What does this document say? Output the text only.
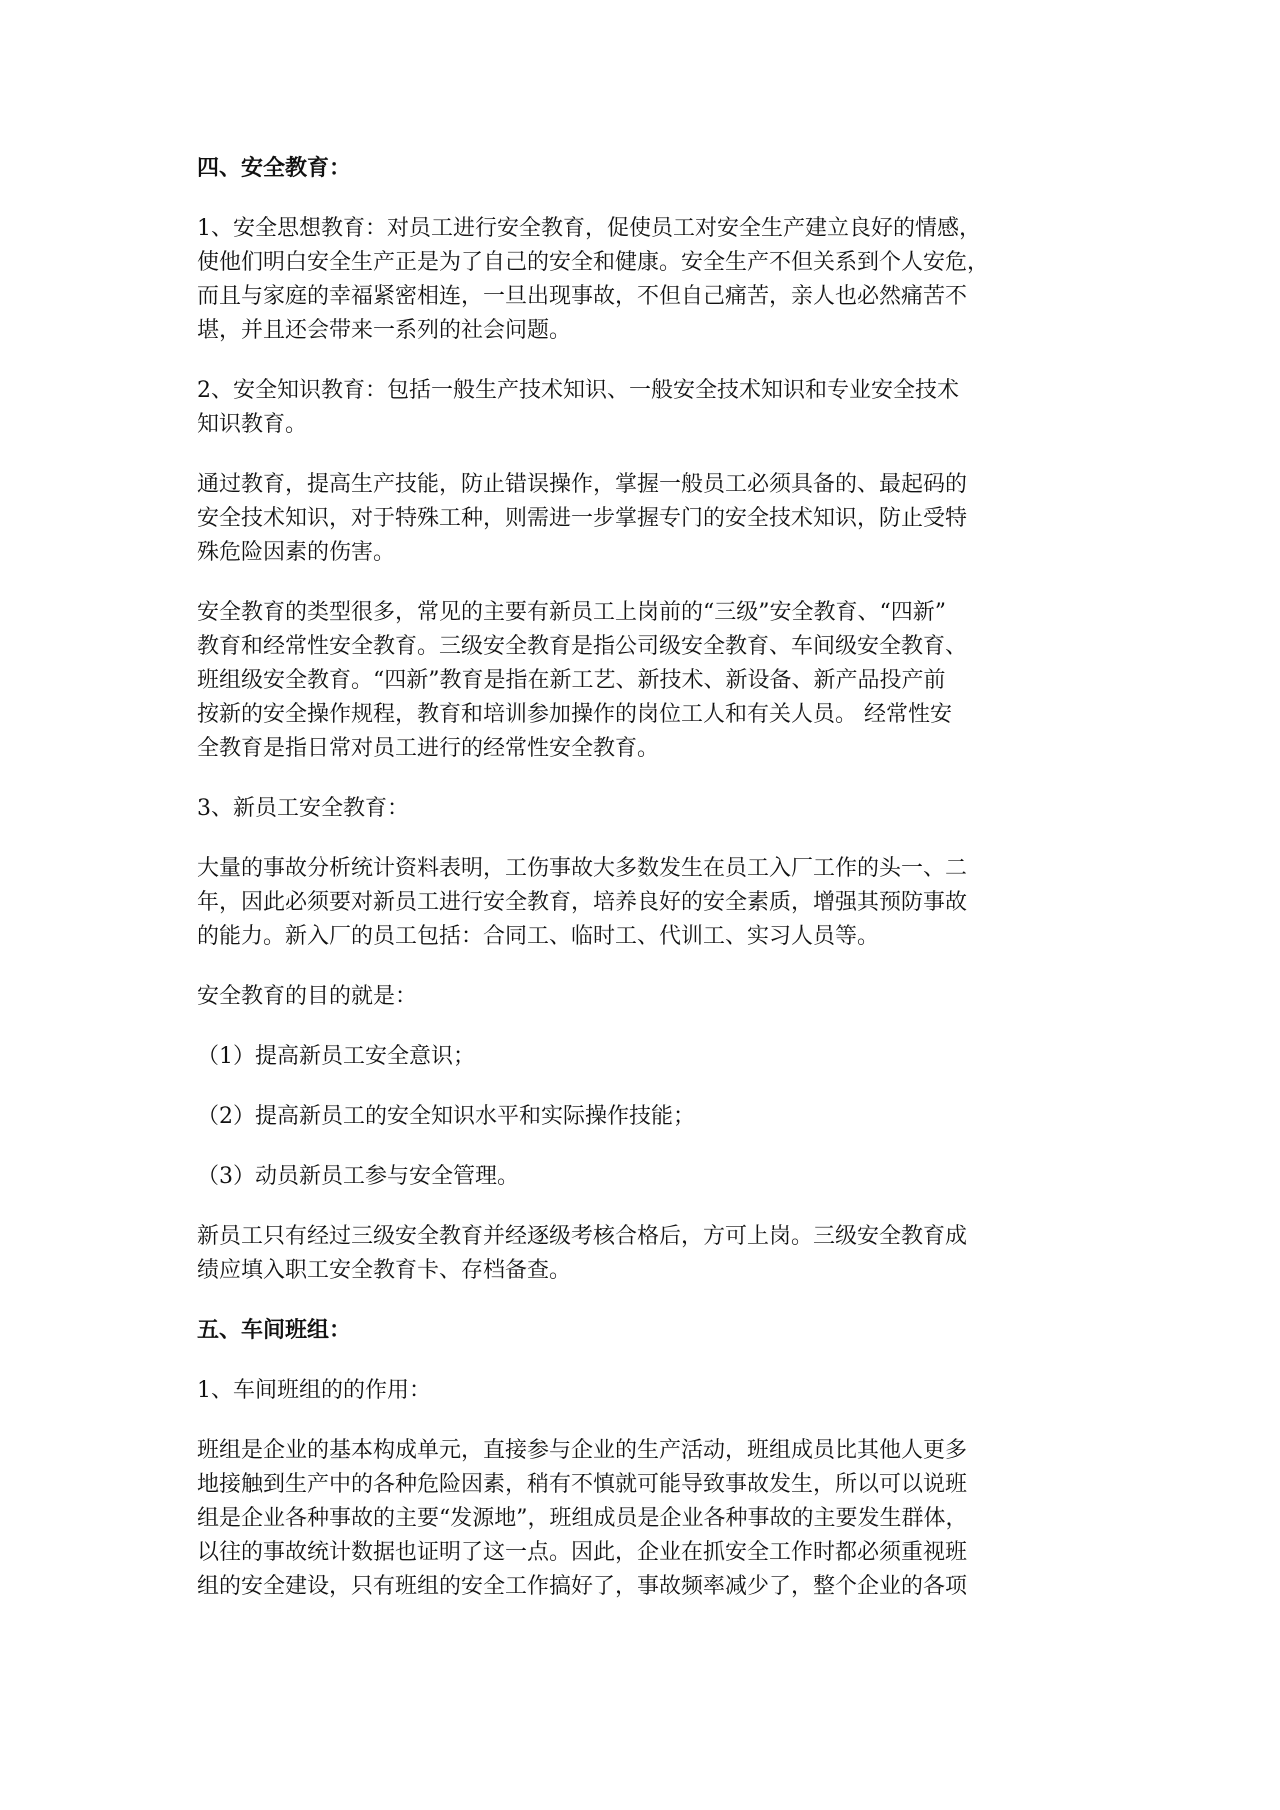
四、安全教育：
1、安全思想教育：对员工进行安全教育，促使员工对安全生产建立良好的情感，
使他们明白安全生产正是为了自己的安全和健康。安全生产不但关系到个人安危，
而且与家庭的幸福紧密相连，一旦出现事故，不但自己痛苦，亲人也必然痛苦不
堪，并且还会带来一系列的社会问题。
2、安全知识教育：包括一般生产技术知识、一般安全技术知识和专业安全技术
知识教育。
通过教育，提高生产技能，防止错误操作，掌握一般员工必须具备的、最起码的
安全技术知识，对于特殊工种，则需进一步掌握专门的安全技术知识，防止受特
殊危险因素的伤害。
安全教育的类型很多，常见的主要有新员工上岗前的“三级”安全教育、“四新”
教育和经常性安全教育。三级安全教育是指公司级安全教育、车间级安全教育、
班组级安全教育。“四新”教育是指在新工艺、新技术、新设备、新产品投产前
按新的安全操作规程，教育和培训参加操作的岗位工人和有关人员。 经常性安
全教育是指日常对员工进行的经常性安全教育。
3、新员工安全教育：
大量的事故分析统计资料表明，工伤事故大多数发生在员工入厂工作的头一、二
年，因此必须要对新员工进行安全教育，培养良好的安全素质，增强其预防事故
的能力。新入厂的员工包括：合同工、临时工、代训工、实习人员等。
安全教育的目的就是：
（1）提高新员工安全意识；
（2）提高新员工的安全知识水平和实际操作技能；
（3）动员新员工参与安全管理。
新员工只有经过三级安全教育并经逐级考核合格后，方可上岗。三级安全教育成
绩应填入职工安全教育卡、存档备查。
五、车间班组：
1、车间班组的的作用：
班组是企业的基本构成单元，直接参与企业的生产活动，班组成员比其他人更多
地接触到生产中的各种危险因素，稍有不慎就可能导致事故发生，所以可以说班
组是企业各种事故的主要“发源地”，班组成员是企业各种事故的主要发生群体，
以往的事故统计数据也证明了这一点。因此，企业在抓安全工作时都必须重视班
组的安全建设，只有班组的安全工作搞好了，事故频率减少了，整个企业的各项
